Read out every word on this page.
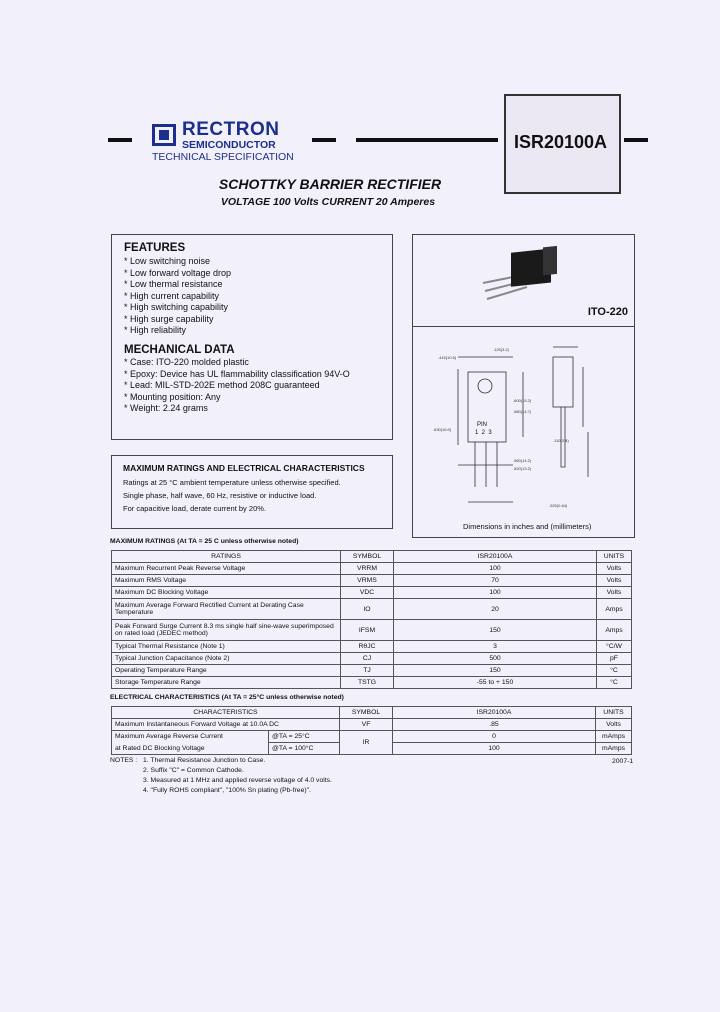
RECTRON
SEMICONDUCTOR
TECHNICAL SPECIFICATION
ISR20100A
SCHOTTKY BARRIER RECTIFIER
VOLTAGE 100 Volts CURRENT 20 Amperes
FEATURES
* Low switching noise
* Low forward voltage drop
* Low thermal resistance
* High current capability
* High switching capability
* High surge capability
* High reliability
MECHANICAL DATA
* Case: ITO-220 molded plastic
* Epoxy: Device has UL flammability classification 94V-O
* Lead: MIL-STD-202E method 208C guaranteed
* Mounting position: Any
* Weight: 2.24 grams
MAXIMUM RATINGS AND ELECTRICAL CHARACTERISTICS
Ratings at 25 °C ambient temperature unless otherwise specified.
Single phase, half wave, 60 Hz, resistive or inductive load.
For capacitive load, derate current by 20%.
ITO-220
.415(10.5)
.125(3.2)
.600(15.2)
.580(14.7)
.630(16.0)
.560(14.2)
.520(13.2)
.110(2.8)
.025(0.64)
PIN
1  2  3
Dimensions in inches and (millimeters)
MAXIMUM RATINGS (At TA = 25 C unless otherwise noted)
RATINGS	SYMBOL	ISR20100A	UNITS
Maximum Recurrent Peak Reverse Voltage	VRRM	100	Volts
Maximum RMS Voltage	VRMS	70	Volts
Maximum DC Blocking Voltage	VDC	100	Volts
Maximum Average Forward Rectified Current at Derating Case Temperature	IO	20	Amps
Peak Forward Surge Current 8.3 ms single half sine-wave superimposed on rated load (JEDEC method)	IFSM	150	Amps
Typical Thermal Resistance (Note 1)	RθJC	3	°C/W
Typical Junction Capacitance (Note 2)	CJ	500	pF
Operating Temperature Range	TJ	150	°C
Storage Temperature Range	TSTG	-55 to + 150	°C
ELECTRICAL CHARACTERISTICS (At TA = 25°C unless otherwise noted)
CHARACTERISTICS		SYMBOL	ISR20100A	UNITS
Maximum Instantaneous Forward Voltage at 10.0A DC		VF	.85	Volts
Maximum Average Reverse Current	@TA = 25°C	IR	0	mAmps
at Rated DC Blocking Voltage	@TA = 100°C		100	mAmps
NOTES : 1. Thermal Resistance Junction to Case.
2. Suffix "C" = Common Cathode.
3. Measured at 1 MHz and applied reverse voltage of 4.0 volts.
4. "Fully ROHS compliant", "100% Sn plating (Pb-free)".
2007-1
